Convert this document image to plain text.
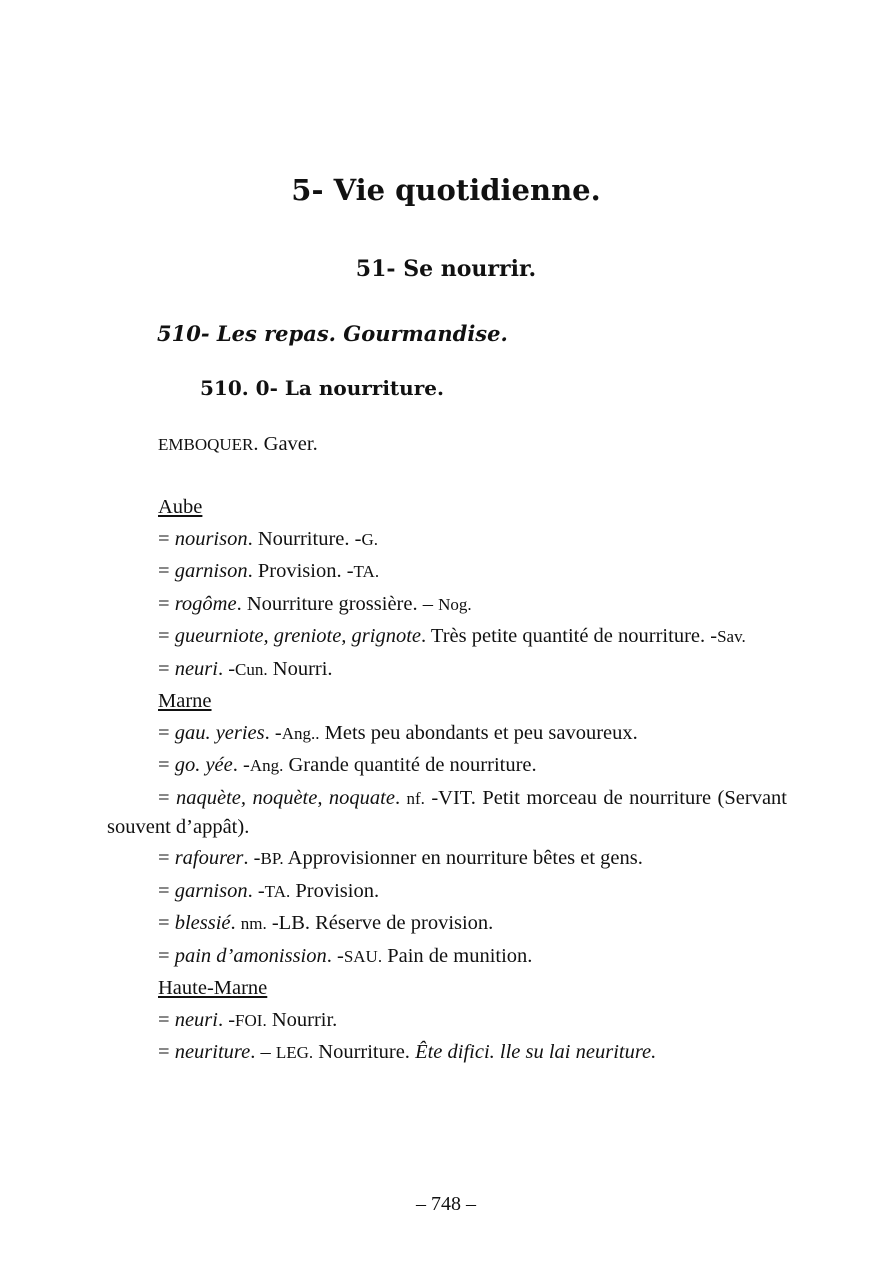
5- Vie quotidienne.
51- Se nourrir.
510- Les repas. Gourmandise.
510. 0- La nourriture.

EMBOQUER. Gaver.

Aube

= nourison. Nourriture. -G.

= garnison. Provision. -TA.

= rogôme. Nourriture grossière. – Nog.

= gueurniote, greniote, grignote. Très petite quantité de nourriture. -Sav.

= neuri. -Cun. Nourri.

Marne

= gau. yeries. -Ang.. Mets peu abondants et peu savoureux.

= go. yée. -Ang. Grande quantité de nourriture.

= naquète, noquète, noquate. nf. -VIT. Petit morceau de nourriture (Servant souvent d’appât).

= rafourer. -BP. Approvisionner en nourriture bêtes et gens.

= garnison. -TA. Provision.

= blessié. nm. -LB. Réserve de provision.

= pain d’amonission. -SAU. Pain de munition.

Haute-Marne

= neuri. -FOI. Nourrir.

= neuriture. – LEG. Nourriture. Ête difici. lle su lai neuriture.

– 748 –
